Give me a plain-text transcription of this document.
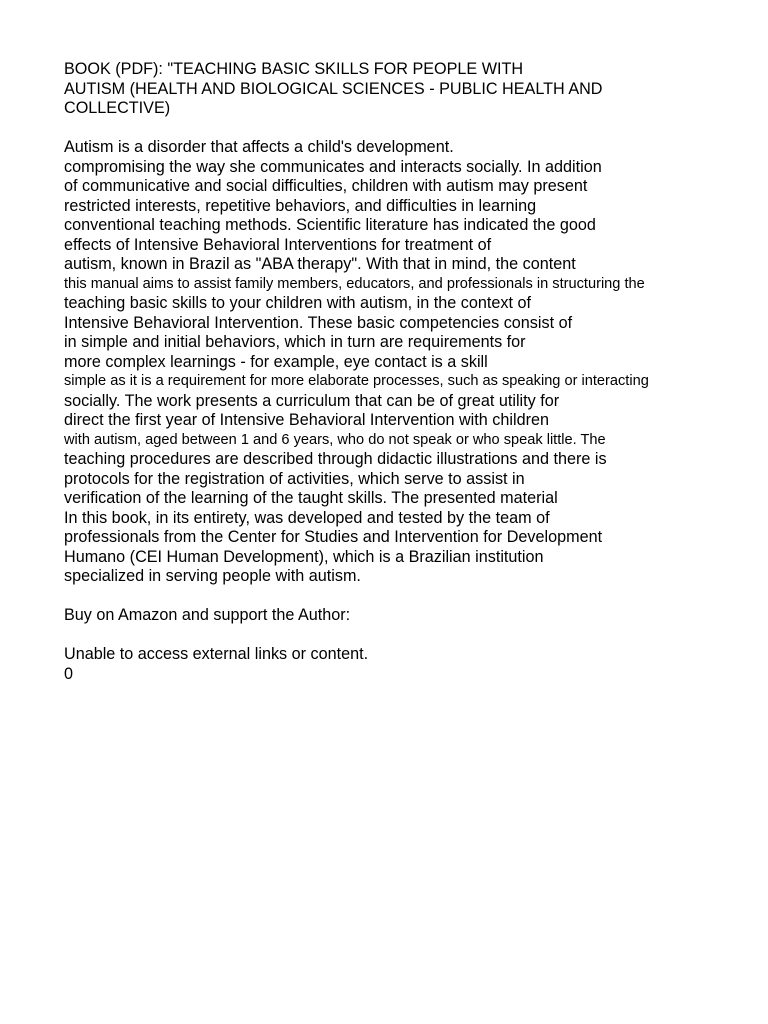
BOOK (PDF): "TEACHING BASIC SKILLS FOR PEOPLE WITH
AUTISM (HEALTH AND BIOLOGICAL SCIENCES - PUBLIC HEALTH AND
COLLECTIVE)
Autism is a disorder that affects a child's development.
compromising the way she communicates and interacts socially. In addition
of communicative and social difficulties, children with autism may present
restricted interests, repetitive behaviors, and difficulties in learning
conventional teaching methods. Scientific literature has indicated the good
effects of Intensive Behavioral Interventions for treatment of
autism, known in Brazil as "ABA therapy". With that in mind, the content
this manual aims to assist family members, educators, and professionals in structuring the
teaching basic skills to your children with autism, in the context of
Intensive Behavioral Intervention. These basic competencies consist of
in simple and initial behaviors, which in turn are requirements for
more complex learnings - for example, eye contact is a skill
simple as it is a requirement for more elaborate processes, such as speaking or interacting
socially. The work presents a curriculum that can be of great utility for
direct the first year of Intensive Behavioral Intervention with children
with autism, aged between 1 and 6 years, who do not speak or who speak little. The
teaching procedures are described through didactic illustrations and there is
protocols for the registration of activities, which serve to assist in
verification of the learning of the taught skills. The presented material
In this book, in its entirety, was developed and tested by the team of
professionals from the Center for Studies and Intervention for Development
Humano (CEI Human Development), which is a Brazilian institution
specialized in serving people with autism.
Buy on Amazon and support the Author:
Unable to access external links or content.
0
